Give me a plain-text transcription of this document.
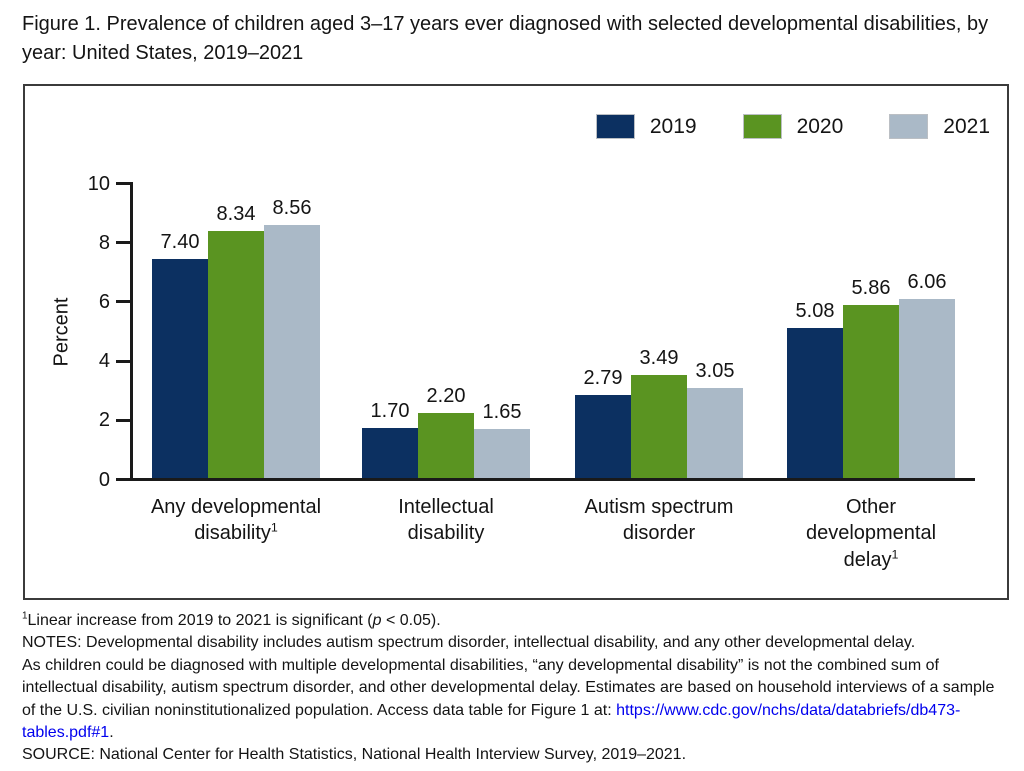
Figure 1. Prevalence of children aged 3–17 years ever diagnosed with selected developmental disabilities, by year: United States, 2019–2021
2019	2020	2021
Percent
0
2
4
6
8
10
7.40
8.34 8.56
Any developmental
disability$^1$
1.70
2.20
1.65
Intellectual
disability
2.79
3.49
3.05
Autism spectrum
disorder
5.08
5.86 6.06
Other
developmental
delay$^1$

$^1$Linear increase from 2019 to 2021 is significant (p < 0.05).

NOTES: Developmental disability includes autism spectrum disorder, intellectual disability, and any other developmental delay.

As children could be diagnosed with multiple developmental disabilities, “any developmental disability” is not the combined sum of intellectual disability, autism spectrum disorder, and other developmental delay. Estimates are based on household interviews of a sample of the U.S. civilian noninstitutionalized population. Access data table for Figure 1 at: https://www.cdc.gov/nchs/data/databriefs/db473-tables.pdf#1.

SOURCE: National Center for Health Statistics, National Health Interview Survey, 2019–2021.
